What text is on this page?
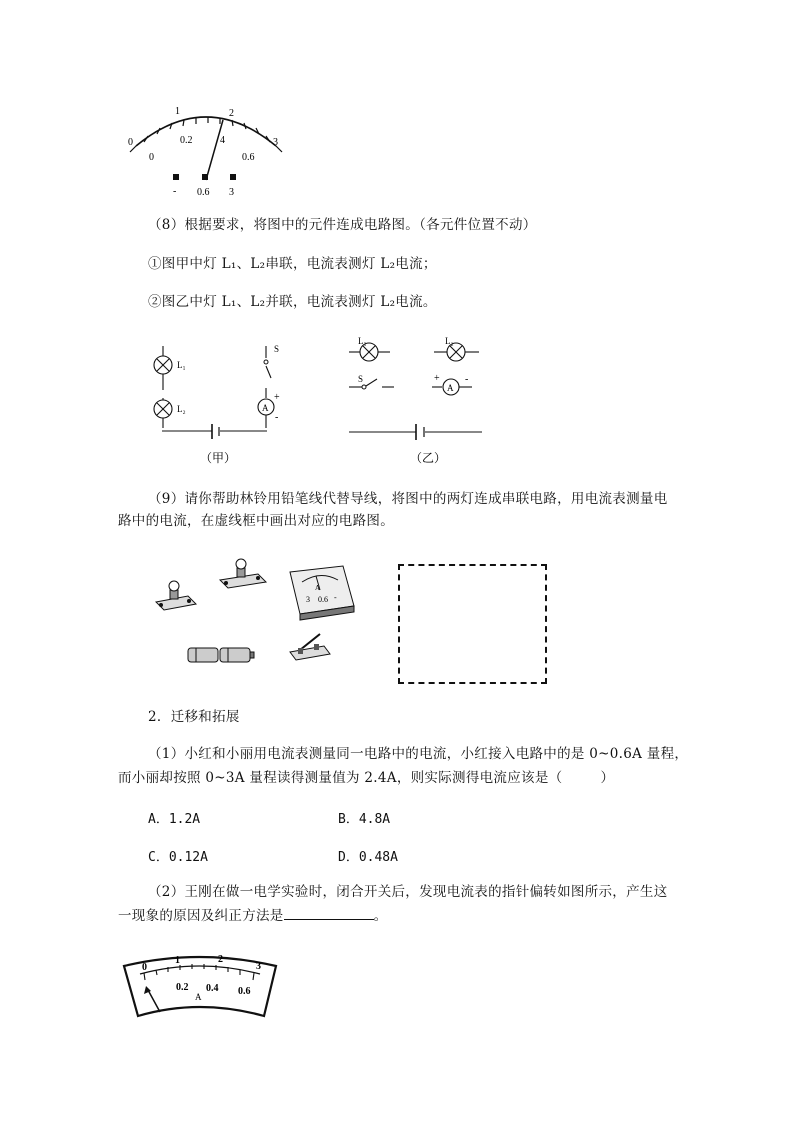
0
1	2
3
0
0.2	4
0.6
- 0.6 3
（8）根据要求，将图中的元件连成电路图。（各元件位置不动）
①图甲中灯 L₁、L₂串联，电流表测灯 L₂电流；
②图乙中灯 L₁、L₂并联，电流表测灯 L₂电流。
L₁
L₂
S
A
+
-
（甲）
L₁	L₂
S
A
+	-
（乙）
（9）请你帮助林铃用铅笔线代替导线，将图中的两灯连成串联电路，用电流表测量电
路中的电流，在虚线框中画出对应的电路图。
3
A
0.6 -
2．迁移和拓展
（1）小红和小丽用电流表测量同一电路中的电流，小红接入电路中的是 0~0.6A 量程，
而小丽却按照 0~3A 量程读得测量值为 2.4A，则实际测得电流应该是（	）
A．1.2A	B．4.8A
C．0.12A	D．0.48A
（2）王刚在做一电学实验时，闭合开关后，发现电流表的指针偏转如图所示，产生这
一现象的原因及纠正方法是	。
0
1	2
3
0.2 0.4 0.6
A
